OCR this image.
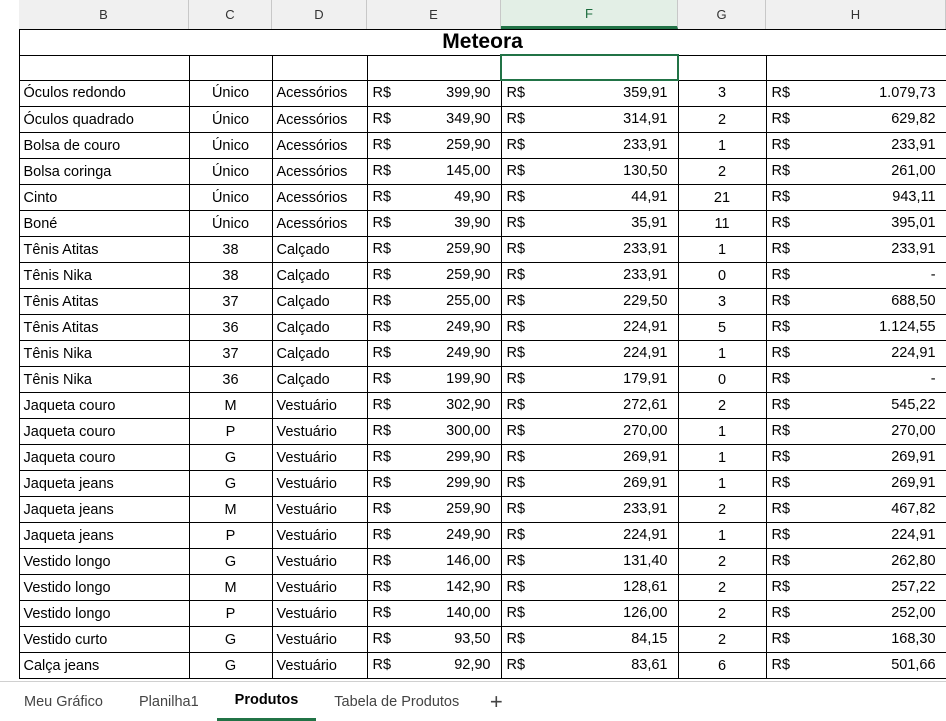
B	C	D	E	F	G	H
	Meteora						
	Produtos	Tamanho	Categoria	Preço Unitário	Preço c/ desconto	Qtd	Valor Total
	Óculos redondo	Único	Acessórios	R$ 399,90	R$ 359,91	3	R$ 1.079,73

	Óculos quadrado	Único	Acessórios	R$ 349,90	R$ 314,91	2	R$ 629,82

	Bolsa de couro	Único	Acessórios	R$ 259,90	R$ 233,91	1	R$ 233,91

	Bolsa coringa	Único	Acessórios	R$ 145,00	R$ 130,50	2	R$ 261,00

	Cinto	Único	Acessórios	R$ 49,90	R$ 44,91	21	R$ 943,11

	Boné	Único	Acessórios	R$ 39,90	R$ 35,91	11	R$ 395,01

	Tênis Atitas	38	Calçado	R$ 259,90	R$ 233,91	1	R$ 233,91

	Tênis Nika	38	Calçado	R$ 259,90	R$ 233,91	0	R$ -

	Tênis Atitas	37	Calçado	R$ 255,00	R$ 229,50	3	R$ 688,50

	Tênis Atitas	36	Calçado	R$ 249,90	R$ 224,91	5	R$ 1.124,55

	Tênis Nika	37	Calçado	R$ 249,90	R$ 224,91	1	R$ 224,91

	Tênis Nika	36	Calçado	R$ 199,90	R$ 179,91	0	R$ -

	Jaqueta couro	M	Vestuário	R$ 302,90	R$ 272,61	2	R$ 545,22

	Jaqueta couro	P	Vestuário	R$ 300,00	R$ 270,00	1	R$ 270,00

	Jaqueta couro	G	Vestuário	R$ 299,90	R$ 269,91	1	R$ 269,91

	Jaqueta jeans	G	Vestuário	R$ 299,90	R$ 269,91	1	R$ 269,91

	Jaqueta jeans	M	Vestuário	R$ 259,90	R$ 233,91	2	R$ 467,82

	Jaqueta jeans	P	Vestuário	R$ 249,90	R$ 224,91	1	R$ 224,91

	Vestido longo	G	Vestuário	R$ 146,00	R$ 131,40	2	R$ 262,80

	Vestido longo	M	Vestuário	R$ 142,90	R$ 128,61	2	R$ 257,22

	Vestido longo	P	Vestuário	R$ 140,00	R$ 126,00	2	R$ 252,00

	Vestido curto	G	Vestuário	R$ 93,50	R$ 84,15	2	R$ 168,30

	Calça jeans	G	Vestuário	R$ 92,90	R$ 83,61	6	R$ 501,66
Meu Gráfico Planilha1 Produtos Tabela de Produtos +
